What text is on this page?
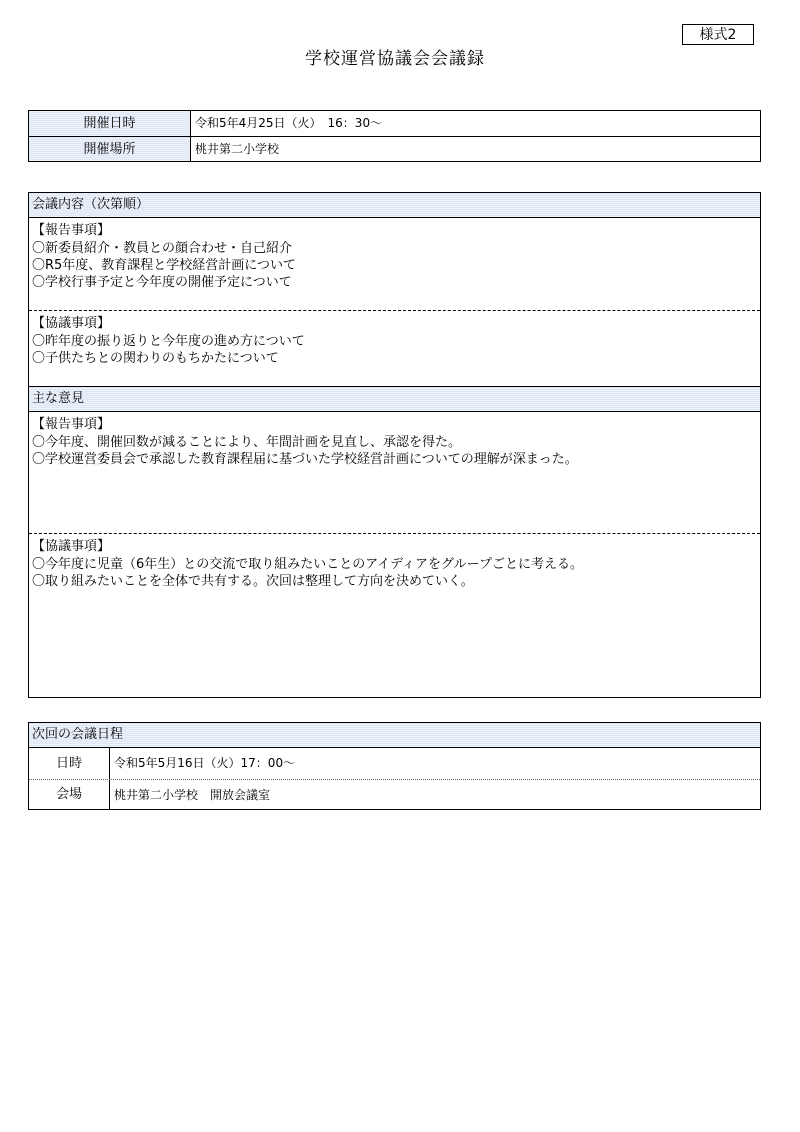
様式2
学校運営協議会会議録
開催日時	令和5年4月25日（火）　16：30～
開催場所	桃井第二小学校
会議内容（次第順）
【報告事項】
〇新委員紹介・教員との顔合わせ・自己紹介
〇R5年度、教育課程と学校経営計画について
〇学校行事予定と今年度の開催予定について
【協議事項】
〇昨年度の振り返りと今年度の進め方について
〇子供たちとの関わりのもちかたについて
主な意見
【報告事項】
〇今年度、開催回数が減ることにより、年間計画を見直し、承認を得た。
〇学校運営委員会で承認した教育課程届に基づいた学校経営計画についての理解が深まった。
【協議事項】
〇今年度に児童（6年生）との交流で取り組みたいことのアイディアをグループごとに考える。
〇取り組みたいことを全体で共有する。次回は整理して方向を決めていく。
次回の会議日程
日時	令和5年5月16日（火）17：00～
会場	桃井第二小学校　開放会議室
